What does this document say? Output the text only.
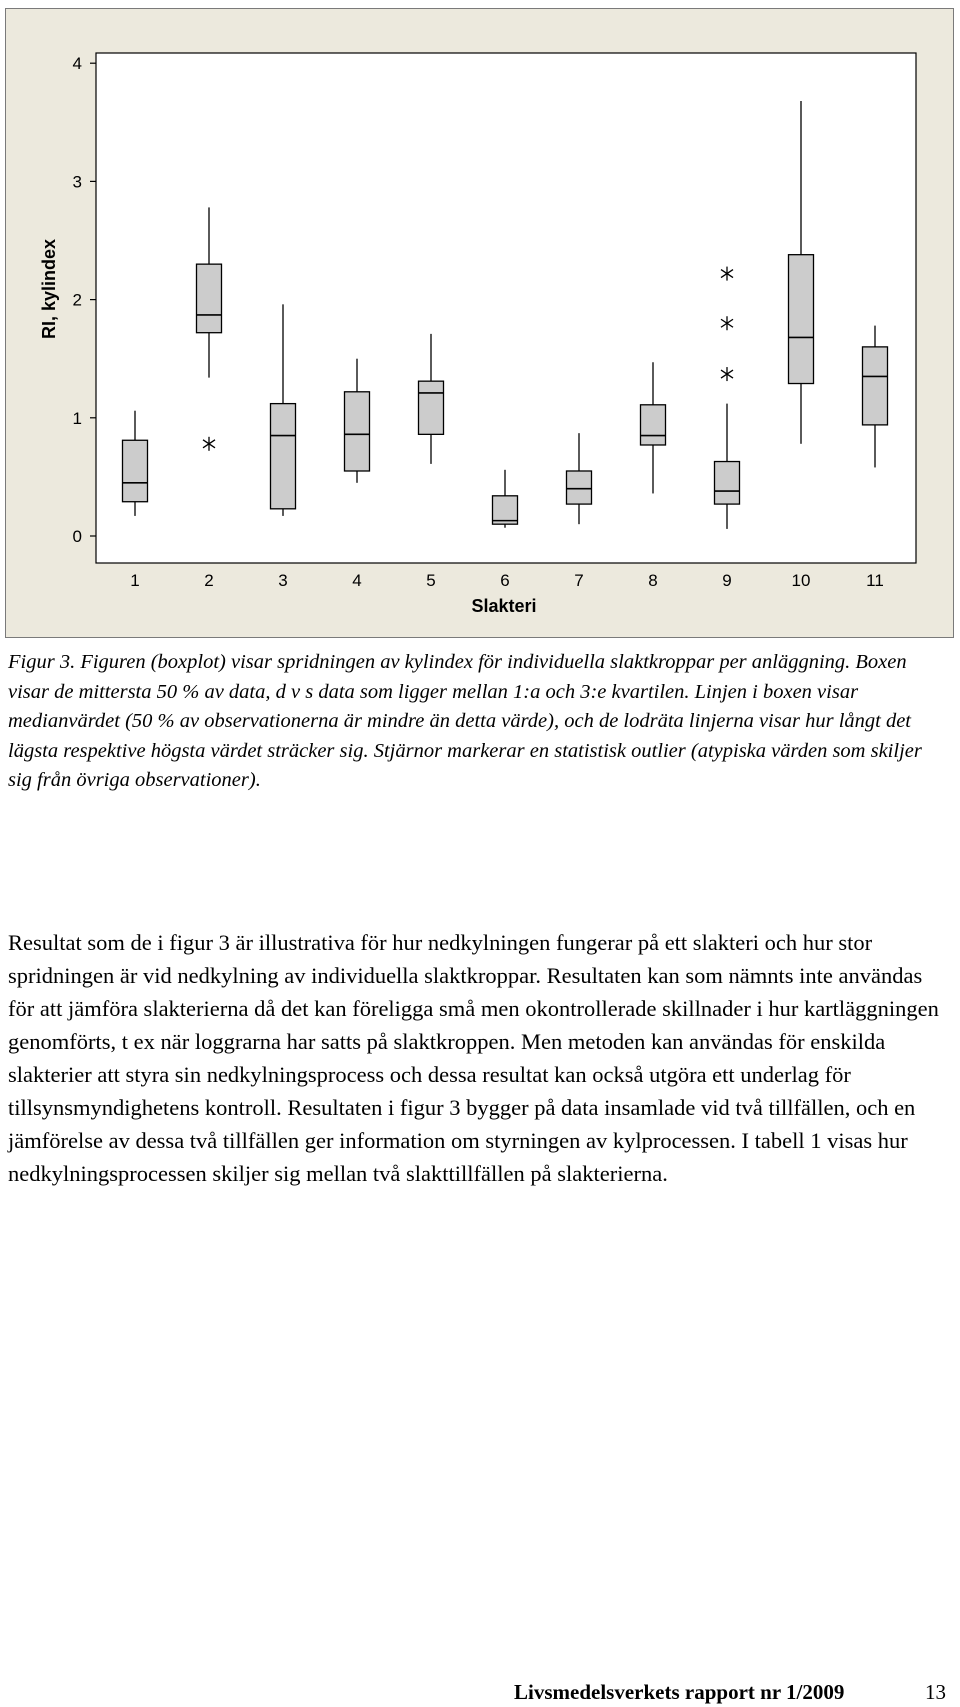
0
1
2
3
4
1	2	3	4	5	6	7	8	9	10	11
RI, kylindex
Slakteri
Figur 3. Figuren (boxplot) visar spridningen av kylindex för individuella slaktkroppar per anläggning. Boxen visar de mittersta 50 % av data, d v s data som ligger mellan 1:a och 3:e kvartilen. Linjen i boxen visar medianvärdet (50 % av observationerna är mindre än detta värde), och de lodräta linjerna visar hur långt det lägsta respektive högsta värdet sträcker sig. Stjärnor markerar en statistisk outlier (atypiska värden som skiljer sig från övriga observationer).
Resultat som de i figur 3 är illustrativa för hur nedkylningen fungerar på ett slakteri och hur stor spridningen är vid nedkylning av individuella slaktkroppar. Resultaten kan som nämnts inte användas för att jämföra slakterierna då det kan föreligga små men okontrollerade skillnader i hur kartläggningen genomförts, t ex när loggrarna har satts på slaktkroppen. Men metoden kan användas för enskilda slakterier att styra sin nedkylningsprocess och dessa resultat kan också utgöra ett underlag för tillsynsmyndighetens kontroll. Resultaten i figur 3 bygger på data insamlade vid två tillfällen, och en jämförelse av dessa två tillfällen ger information om styrningen av kylprocessen. I tabell 1 visas hur nedkylningsprocessen skiljer sig mellan två slakttillfällen på slakterierna.
Livsmedelsverkets rapport nr 1/2009	13
